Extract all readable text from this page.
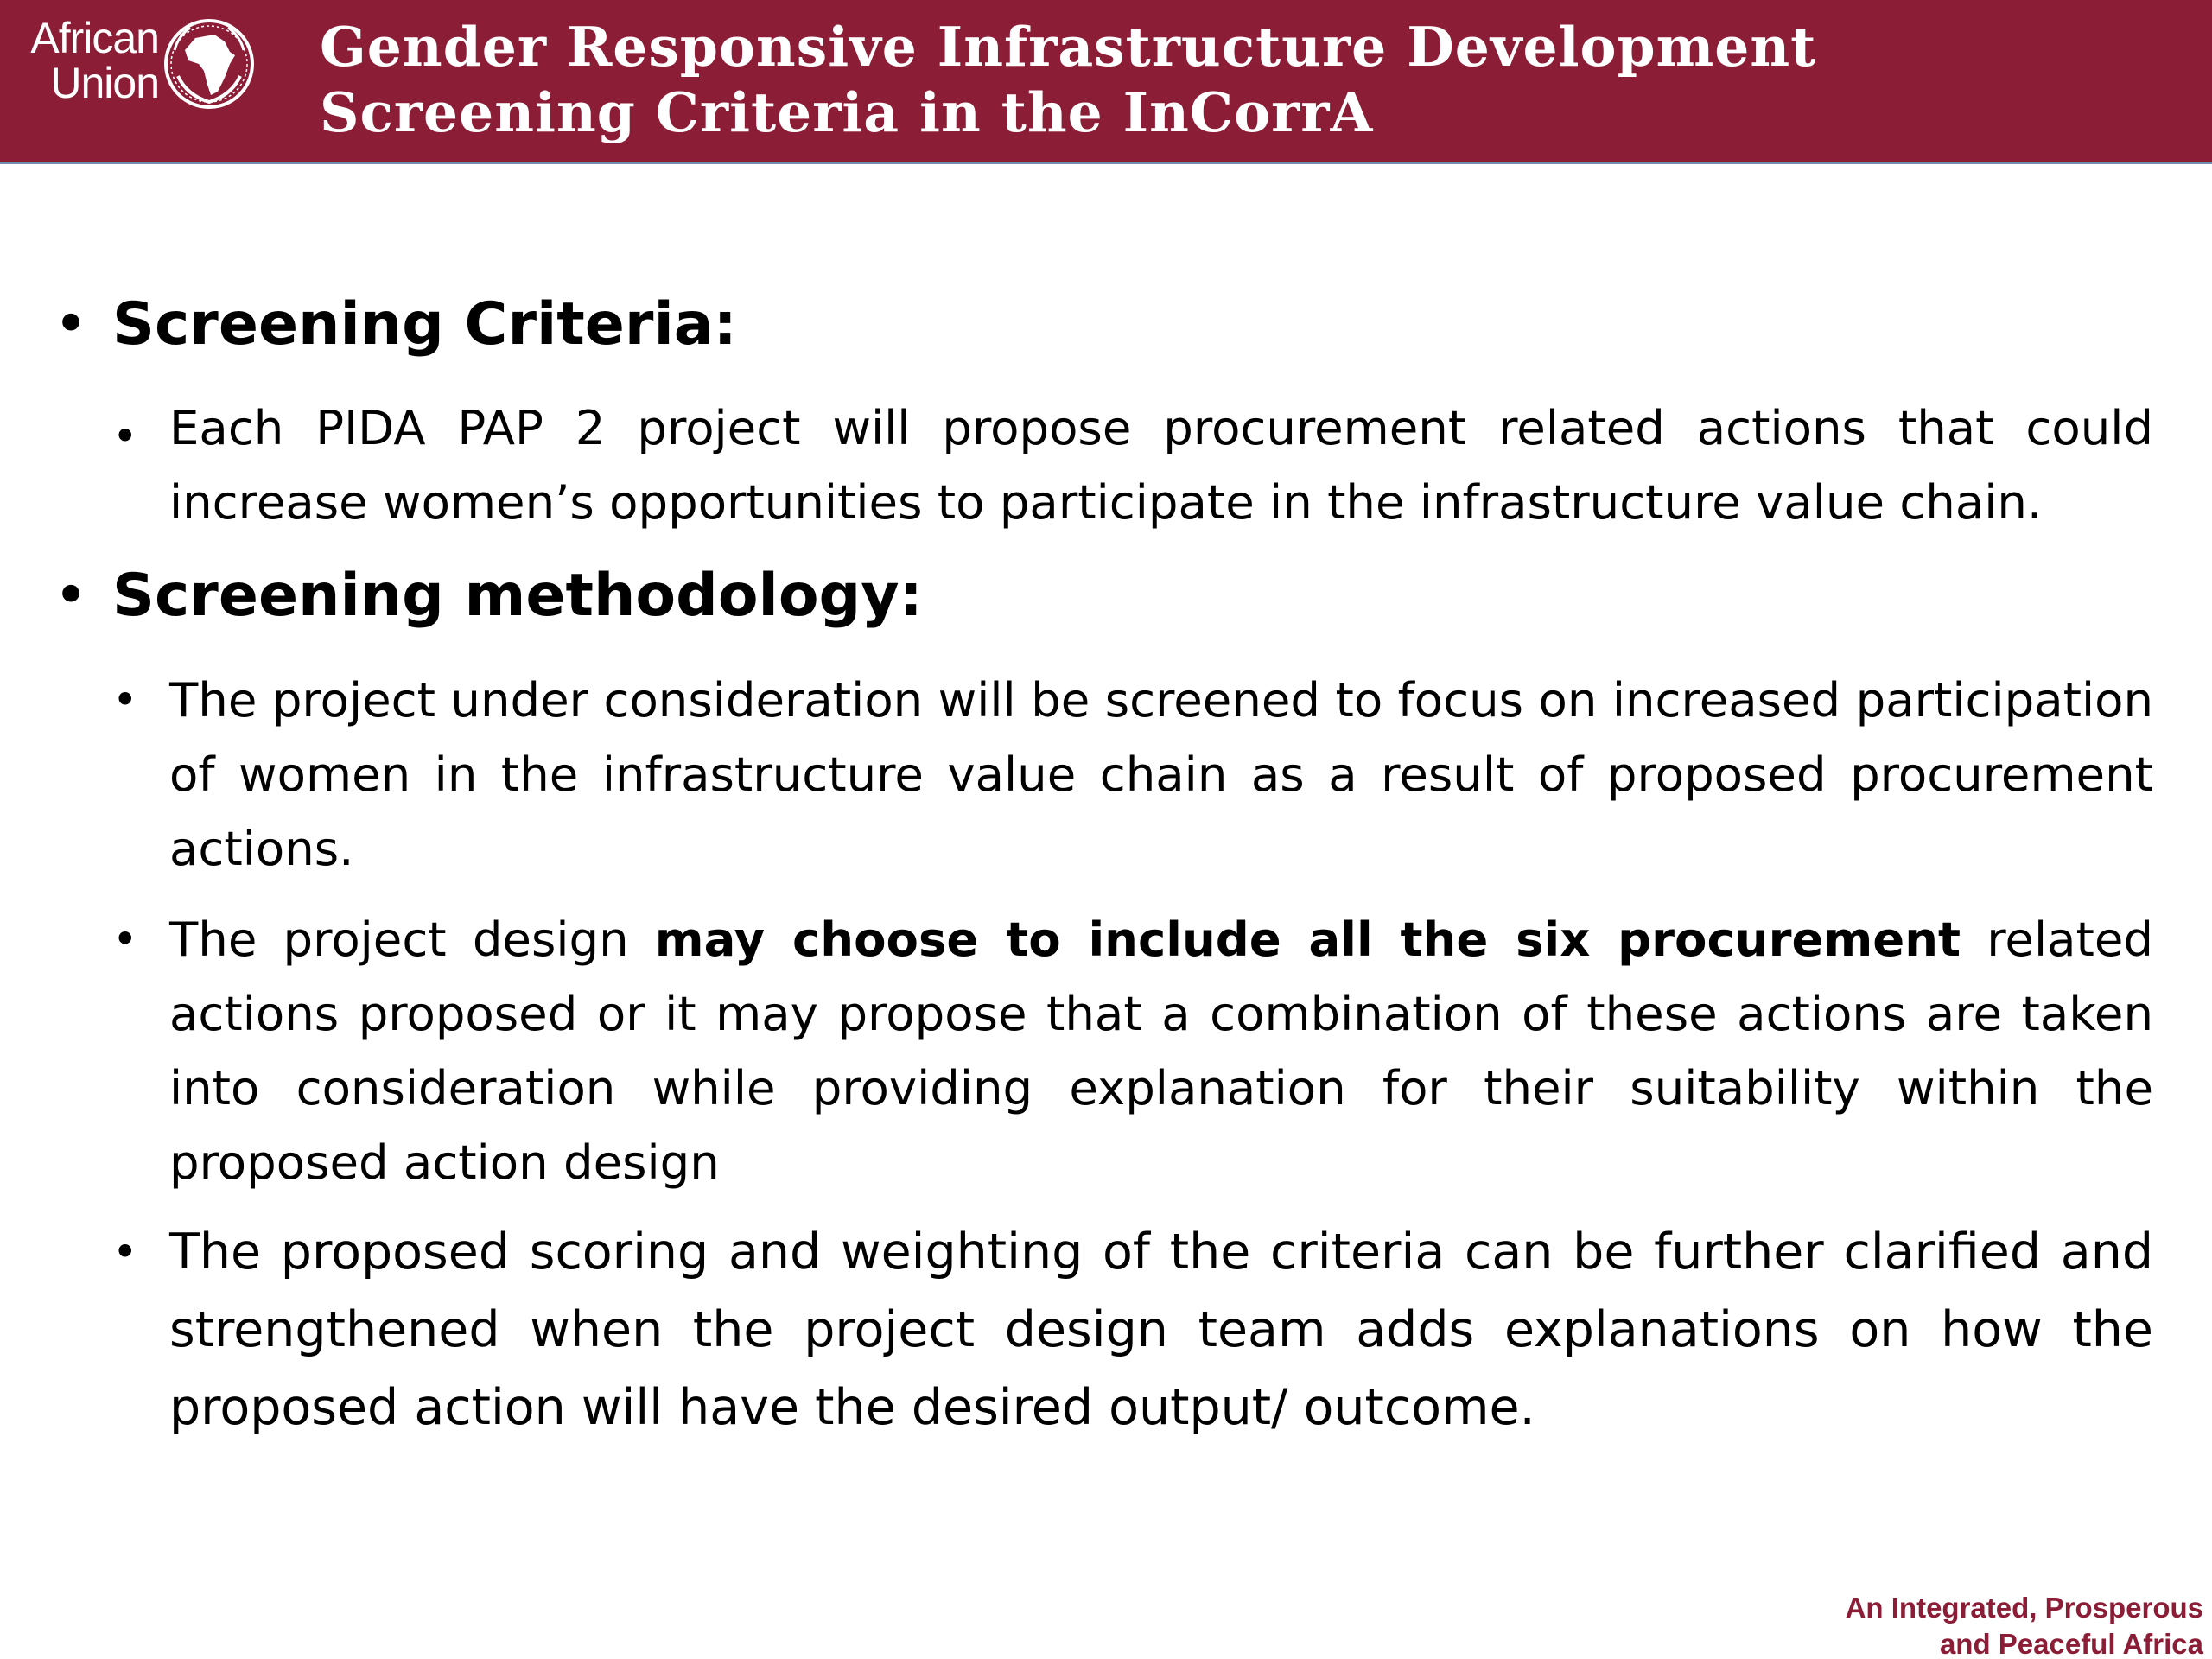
African
Union
Gender Responsive Infrastructure Development
Screening Criteria in the InCorrA
• Screening Criteria:
• Each PIDA PAP 2 project will propose procurement related actions that could increase women’s opportunities to participate in the infrastructure value chain.
• Screening methodology:
• The project under consideration will be screened to focus on increased participation of women in the infrastructure value chain as a result of proposed procurement actions.
• The project design may choose to include all the six procurement related actions proposed or it may propose that a combination of these actions are taken into consideration while providing explanation for their suitability within the proposed action design
• The proposed scoring and weighting of the criteria can be further clarified and strengthened when the project design team adds explanations on how the proposed action will have the desired output/ outcome.
An Integrated, Prosperous
and Peaceful Africa
